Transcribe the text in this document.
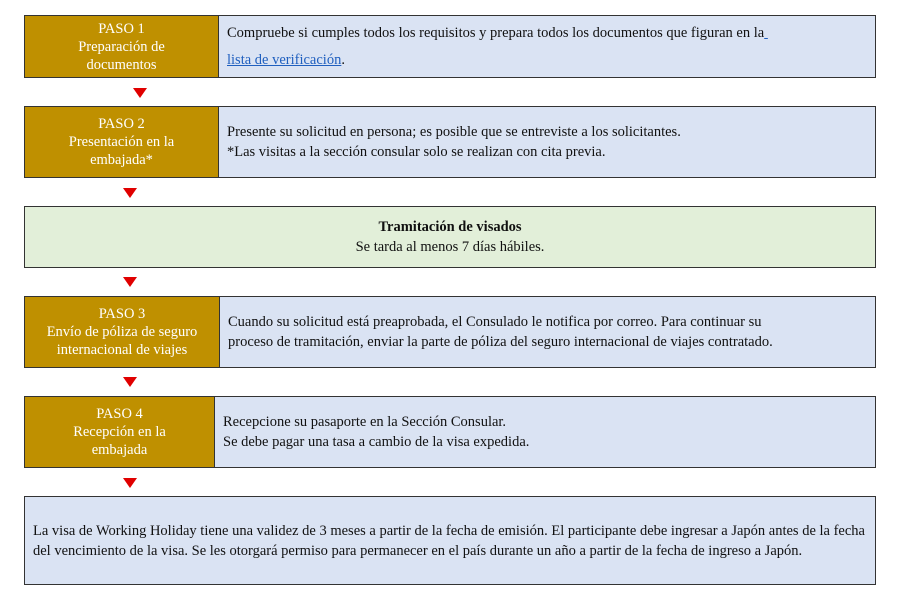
PASO 1
Preparación de
documentos
Compruebe si cumples todos los requisitos y prepara todos los documentos que figuran en la
lista de verificación.
PASO 2
Presentación en la
embajada*
Presente su solicitud en persona; es posible que se entreviste a los solicitantes.
*Las visitas a la sección consular solo se realizan con cita previa.
Tramitación de visados
Se tarda al menos 7 días hábiles.
PASO 3
Envío de póliza de seguro
internacional de viajes
Cuando su solicitud está preaprobada, el Consulado le notifica por correo. Para continuar su
proceso de tramitación, enviar la parte de póliza del seguro internacional de viajes contratado.
PASO 4
Recepción en la
embajada
Recepcione su pasaporte en la Sección Consular.
Se debe pagar una tasa a cambio de la visa expedida.
La visa de Working Holiday tiene una validez de 3 meses a partir de la fecha de emisión. El participante debe ingresar a Japón antes de la fecha del vencimiento de la visa. Se les otorgará permiso para permanecer en el país durante un año a partir de la fecha de ingreso a Japón.
